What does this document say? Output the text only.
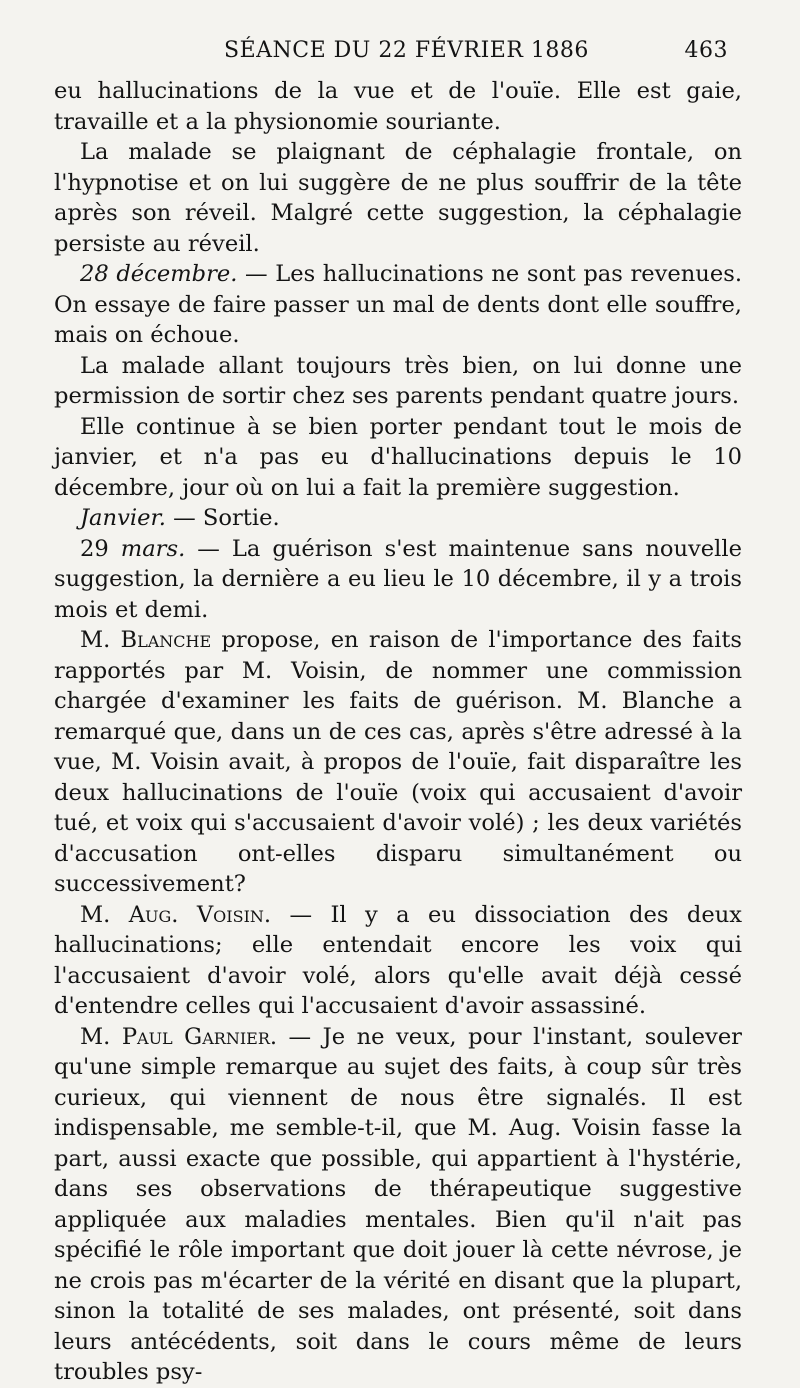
SÉANCE DU 22 FÉVRIER 1886	463

eu hallucinations de la vue et de l'ouïe. Elle est gaie, travaille et a la physionomie souriante.

La malade se plaignant de céphalagie frontale, on l'hypnotise et on lui suggère de ne plus souffrir de la tête après son réveil. Malgré cette suggestion, la céphalagie persiste au réveil.

28 décembre. — Les hallucinations ne sont pas revenues. On essaye de faire passer un mal de dents dont elle souffre, mais on échoue.

La malade allant toujours très bien, on lui donne une permission de sortir chez ses parents pendant quatre jours.

Elle continue à se bien porter pendant tout le mois de janvier, et n'a pas eu d'hallucinations depuis le 10 décembre, jour où on lui a fait la première suggestion.

Janvier. — Sortie.

29 mars. — La guérison s'est maintenue sans nouvelle suggestion, la dernière a eu lieu le 10 décembre, il y a trois mois et demi.

M. Blanche propose, en raison de l'importance des faits rapportés par M. Voisin, de nommer une commission chargée d'examiner les faits de guérison. M. Blanche a remarqué que, dans un de ces cas, après s'être adressé à la vue, M. Voisin avait, à propos de l'ouïe, fait disparaître les deux hallucinations de l'ouïe (voix qui accusaient d'avoir tué, et voix qui s'accusaient d'avoir volé) ; les deux variétés d'accusation ont-elles disparu simultanément ou successivement?

M. Aug. Voisin. — Il y a eu dissociation des deux hallucinations; elle entendait encore les voix qui l'accusaient d'avoir volé, alors qu'elle avait déjà cessé d'entendre celles qui l'accusaient d'avoir assassiné.

M. Paul Garnier. — Je ne veux, pour l'instant, soulever qu'une simple remarque au sujet des faits, à coup sûr très curieux, qui viennent de nous être signalés. Il est indispensable, me semble-t-il, que M. Aug. Voisin fasse la part, aussi exacte que possible, qui appartient à l'hystérie, dans ses observations de thérapeutique suggestive appliquée aux maladies mentales. Bien qu'il n'ait pas spécifié le rôle important que doit jouer là cette névrose, je ne crois pas m'écarter de la vérité en disant que la plupart, sinon la totalité de ses malades, ont présenté, soit dans leurs antécédents, soit dans le cours même de leurs troubles psy-
